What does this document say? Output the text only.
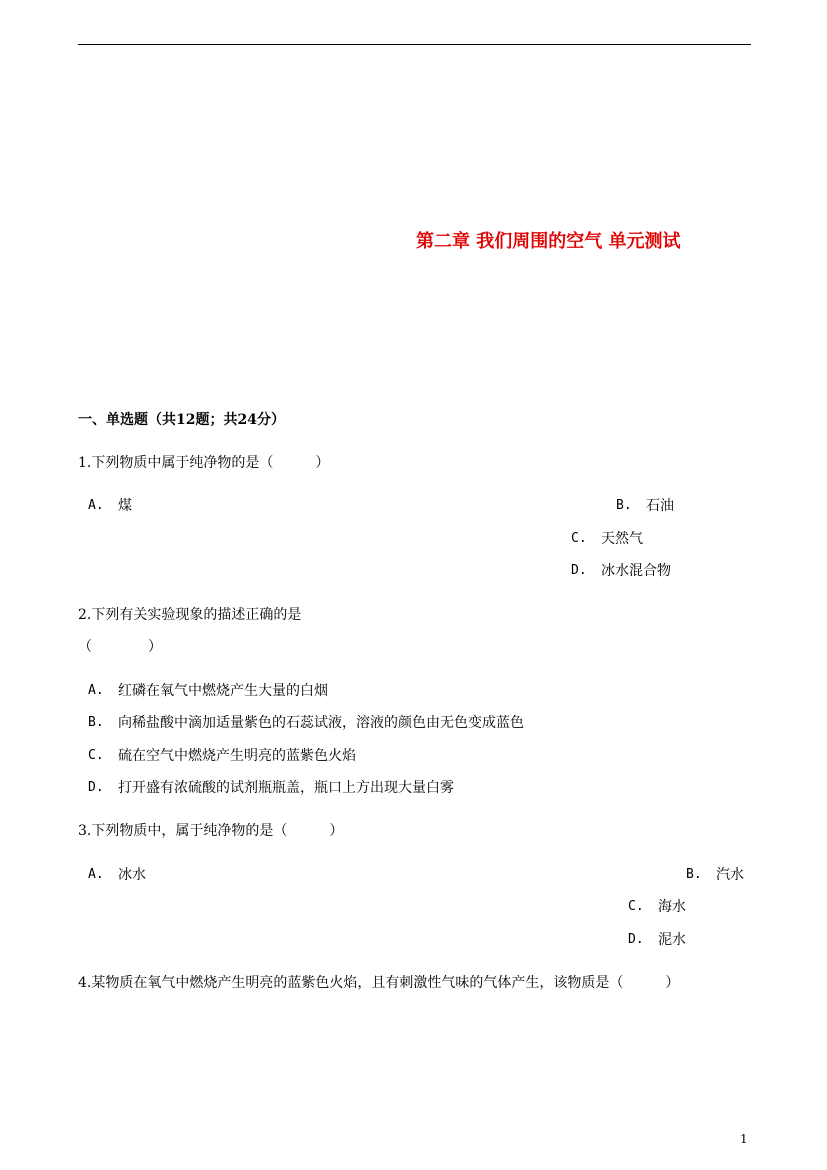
第二章 我们周围的空气 单元测试
一、单选题（共12题；共24分）
1.下列物质中属于纯净物的是（　　　）
A.	煤	B.	石油
C.	天然气
D.	冰水混合物
2.下列有关实验现象的描述正确的是
（　　　　）
A.	红磷在氧气中燃烧产生大量的白烟
B.	向稀盐酸中滴加适量紫色的石蕊试液，溶液的颜色由无色变成蓝色
C.	硫在空气中燃烧产生明亮的蓝紫色火焰
D.	打开盛有浓硫酸的试剂瓶瓶盖，瓶口上方出现大量白雾
3.下列物质中，属于纯净物的是（　　　）
A.	冰水	B.	汽水
C.	海水
D.	泥水
4.某物质在氧气中燃烧产生明亮的蓝紫色火焰，且有刺激性气味的气体产生，该物质是（　　　）
1
